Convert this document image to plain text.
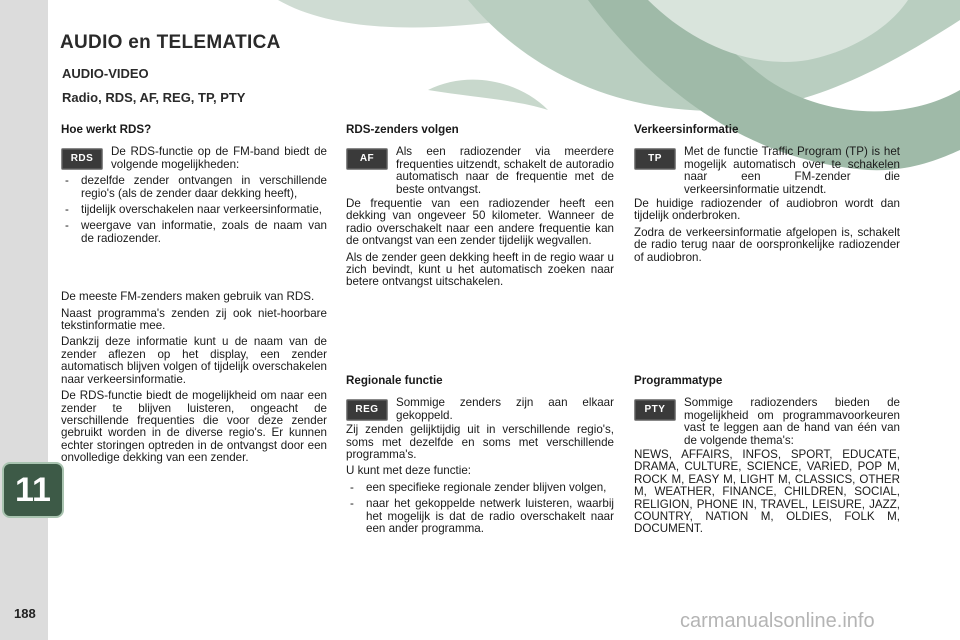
AUDIO en TELEMATICA
AUDIO-VIDEO
Radio, RDS, AF, REG, TP, PTY
Hoe werkt RDS?
RDS

De RDS-functie op de FM-band biedt de volgende mogelijkheden:

- dezelfde zender ontvangen in verschillende regio's (als de zender daar dekking heeft),
- tijdelijk overschakelen naar verkeersinformatie,
- weergave van informatie, zoals de naam van de radiozender.

De meeste FM-zenders maken gebruik van RDS.

Naast programma's zenden zij ook niet-hoorbare tekstinformatie mee.

Dankzij deze informatie kunt u de naam van de zender aflezen op het display, een zender automatisch blijven volgen of tijdelijk overschakelen naar verkeersinformatie.

De RDS-functie biedt de mogelijkheid om naar een zender te blijven luisteren, ongeacht de verschillende frequenties die voor deze zender gebruikt worden in de diverse regio's. Er kunnen echter storingen optreden in de ontvangst door een onvolledige dekking van een zender.

RDS-zenders volgen
AF

Als een radiozender via meerdere frequenties uitzendt, schakelt de autoradio automatisch naar de frequentie met de beste ontvangst.

De frequentie van een radiozender heeft een dekking van ongeveer 50 kilometer. Wanneer de radio overschakelt naar een andere frequentie kan de ontvangst van een zender tijdelijk wegvallen.

Als de zender geen dekking heeft in de regio waar u zich bevindt, kunt u het automatisch zoeken naar betere ontvangst uitschakelen.

Regionale functie
REG

Sommige zenders zijn aan elkaar gekoppeld.

Zij zenden gelijktijdig uit in verschillende regio's, soms met dezelfde en soms met verschillende programma's.

U kunt met deze functie:

- een specifieke regionale zender blijven volgen,
- naar het gekoppelde netwerk luisteren, waarbij het mogelijk is dat de radio overschakelt naar een ander programma.
Verkeersinformatie
TP

Met de functie Traffic Program (TP) is het mogelijk automatisch over te schakelen naar een FM-zender die verkeersinformatie uitzendt.

De huidige radiozender of audiobron wordt dan tijdelijk onderbroken.

Zodra de verkeersinformatie afgelopen is, schakelt de radio terug naar de oorspronkelijke radiozender of audiobron.

Programmatype
PTY

Sommige radiozenders bieden de mogelijkheid om programmavoorkeuren vast te leggen aan de hand van één van de volgende thema's:

NEWS, AFFAIRS, INFOS, SPORT, EDUCATE, DRAMA, CULTURE, SCIENCE, VARIED, POP M, ROCK M, EASY M, LIGHT M, CLASSICS, OTHER M, WEATHER, FINANCE, CHILDREN, SOCIAL, RELIGION, PHONE IN, TRAVEL, LEISURE, JAZZ, COUNTRY, NATION M, OLDIES, FOLK M, DOCUMENT.

11
188	carmanualsonline.info
